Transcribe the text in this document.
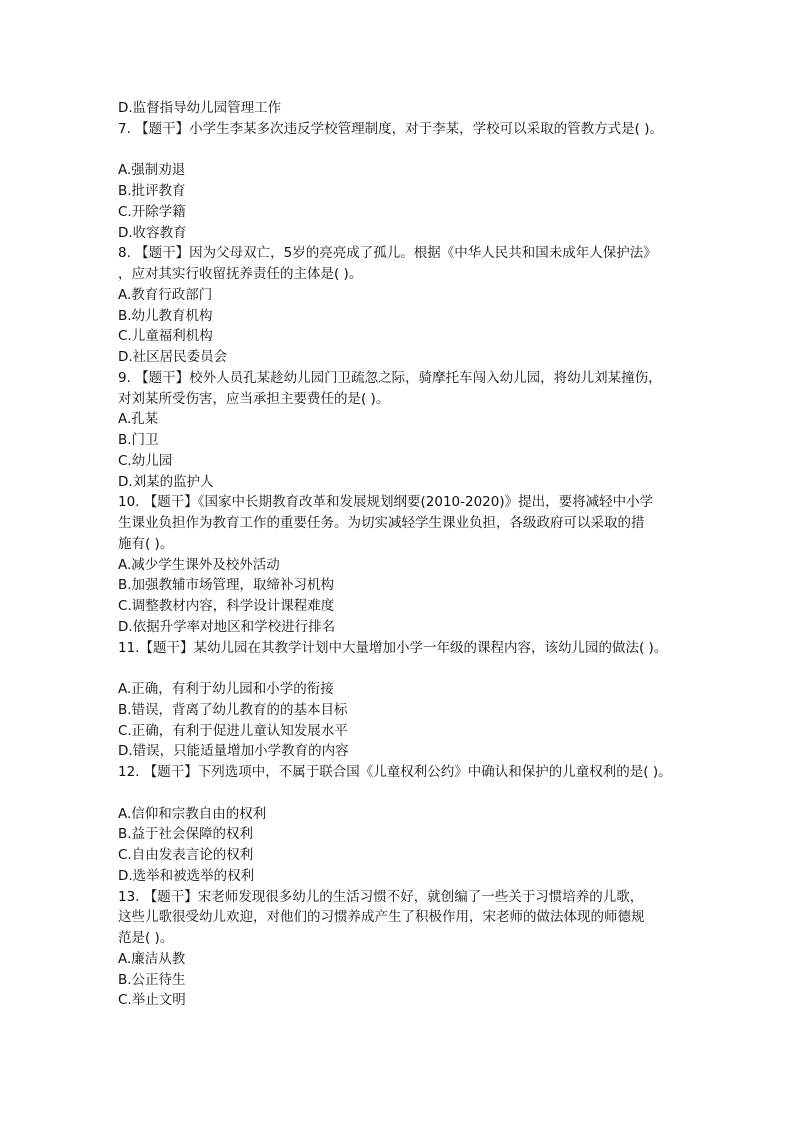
D.监督指导幼儿园管理工作
7. 【题干】小学生李某多次违反学校管理制度，对于李某，学校可以采取的管教方式是( )。
A.强制劝退
B.批评教育
C.开除学籍
D.收容教育
8. 【题干】因为父母双亡，5岁的亮亮成了孤儿。根据《中华人民共和国未成年人保护法》
，应对其实行收留抚养责任的主体是( )。
A.教育行政部门
B.幼儿教育机构
C.儿童福利机构
D.社区居民委员会
9. 【题干】校外人员孔某趁幼儿园门卫疏忽之际，骑摩托车闯入幼儿园，将幼儿刘某撞伤，
对刘某所受伤害，应当承担主要费任的是( )。
A.孔某
B.门卫
C.幼儿园
D.刘某的监护人
10. 【题干】《国家中长期教育改革和发展规划纲要(2010-2020)》提出，要将减轻中小学
生课业负担作为教育工作的重要任务。为切实减轻学生课业负担，各级政府可以采取的措
施有( )。
A.减少学生课外及校外活动
B.加强教辅市场管理，取缔补习机构
C.调整教材内容，科学设计课程难度
D.依据升学率对地区和学校进行排名
11.【题干】某幼儿园在其教学计划中大量增加小学一年级的课程内容，该幼儿园的做法( )。
A.正确，有利于幼儿园和小学的衔接
B.错误，背离了幼儿教育的的基本目标
C.正确，有利于促进儿童认知发展水平
D.错误，只能适量增加小学教育的内容
12. 【题干】下列选项中，不属于联合国《儿童权利公约》中确认和保护的儿童权利的是( )。
A.信仰和宗教自由的权利
B.益于社会保障的权利
C.自由发表言论的权利
D.选举和被选举的权利
13. 【题干】宋老师发现很多幼儿的生活习惯不好，就创编了一些关于习惯培养的儿歌，
这些儿歌很受幼儿欢迎，对他们的习惯养成产生了积极作用，宋老师的做法体现的师德规
范是( )。
A.廉洁从教
B.公正待生
C.举止文明
